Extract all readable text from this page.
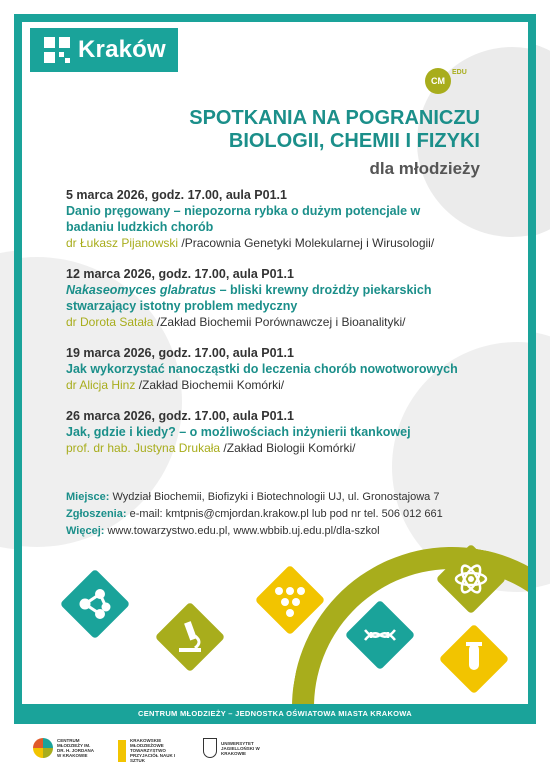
Kraków
CM
EDU
SPOTKANIA NA POGRANICZU
BIOLOGII, CHEMII I FIZYKI
dla młodzieży
5 marca 2026, godz. 17.00, aula P01.1
Danio pręgowany – niepozorna rybka o dużym potencjale w badaniu ludzkich chorób
dr Łukasz Pijanowski /Pracownia Genetyki Molekularnej i Wirusologii/
12 marca 2026, godz. 17.00, aula P01.1
Nakaseomyces glabratus – bliski krewny drożdży piekarskich stwarzający istotny problem medyczny
dr Dorota Satała /Zakład Biochemii Porównawczej i Bioanalityki/
19 marca 2026, godz. 17.00, aula P01.1
Jak wykorzystać nanocząstki do leczenia chorób nowotworowych
dr Alicja Hinz /Zakład Biochemii Komórki/
26 marca 2026, godz. 17.00, aula P01.1
Jak, gdzie i kiedy? – o możliwościach inżynierii tkankowej
prof. dr hab. Justyna Drukała /Zakład Biologii Komórki/
Miejsce: Wydział Biochemii, Biofizyki i Biotechnologii UJ, ul. Gronostajowa 7
Zgłoszenia: e-mail: kmtpnis@cmjordan.krakow.pl lub pod nr tel. 506 012 661
Więcej: www.towarzystwo.edu.pl, www.wbbib.uj.edu.pl/dla-szkol
CENTRUM MŁODZIEŻY – JEDNOSTKA OŚWIATOWA MIASTA KRAKOWA
CENTRUM MŁODZIEŻY IM. DR. H. JORDANA W KRAKOWIE
KRAKOWSKIE MŁODZIEŻOWE TOWARZYSTWO PRZYJACIÓŁ NAUK I SZTUK
UNIWERSYTET JAGIELLOŃSKI W KRAKOWIE
